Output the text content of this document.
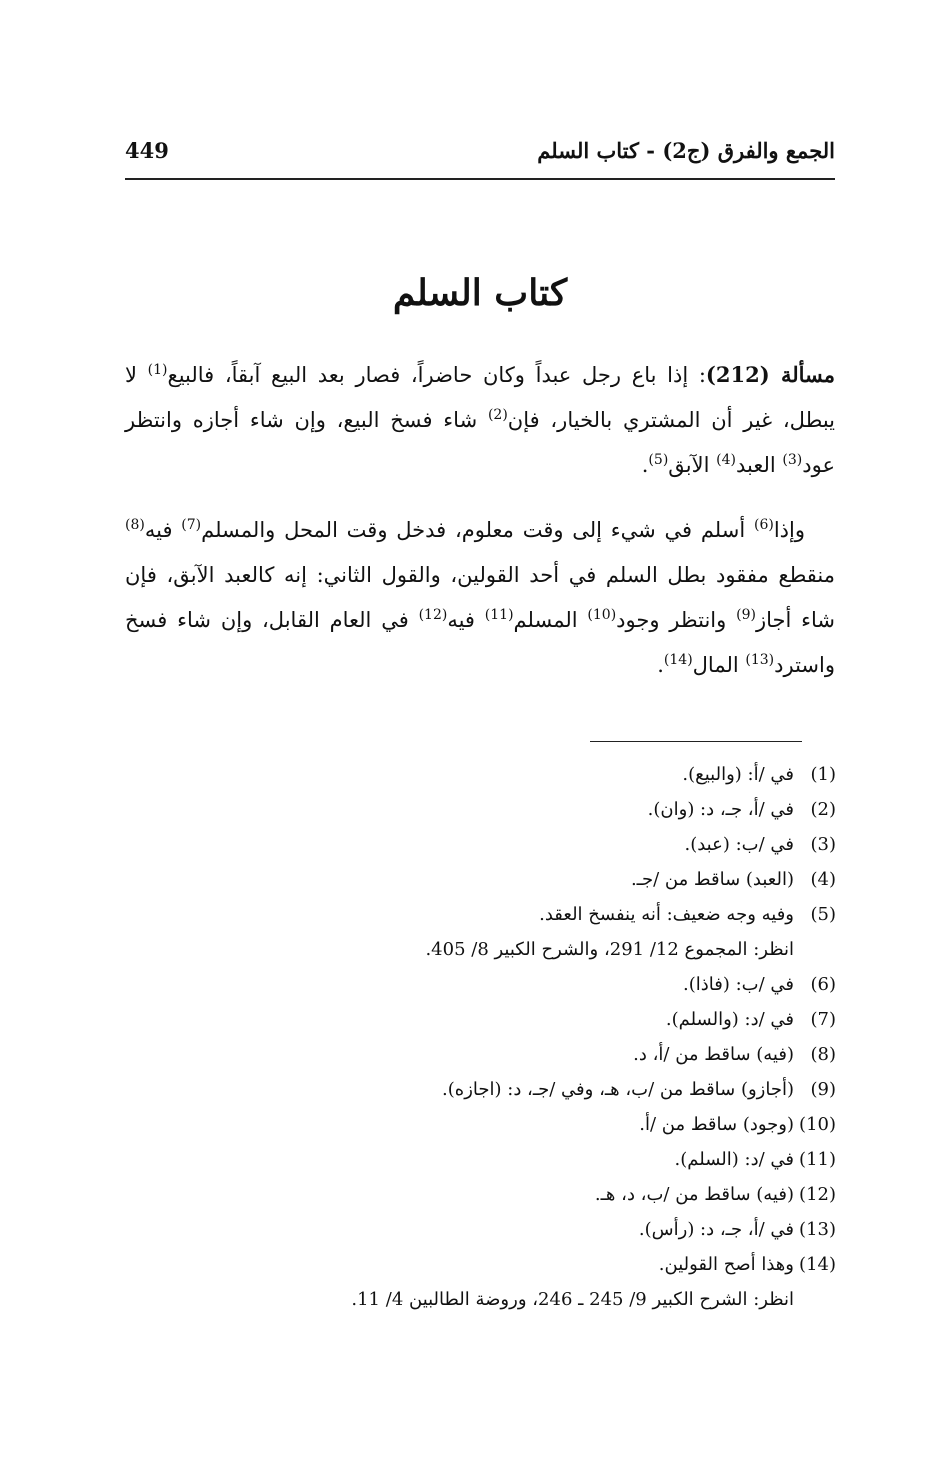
الجمع والفرق (ج2) - كتاب السلم
449
كتاب السلم
مسألة (212): إذا باع رجل عبداً وكان حاضراً، فصار بعد البيع آبقاً، فالبيع$^{(1)}$ لا يبطل، غير أن المشتري بالخيار، فإن$^{(2)}$ شاء فسخ البيع، وإن شاء أجازه وانتظر عود$^{(3)}$ العبد$^{(4)}$ الآبق$^{(5)}$.
وإذا$^{(6)}$ أسلم في شيء إلى وقت معلوم، فدخل وقت المحل والمسلم$^{(7)}$ فيه$^{(8)}$ منقطع مفقود بطل السلم في أحد القولين، والقول الثاني: إنه كالعبد الآبق، فإن شاء أجاز$^{(9)}$ وانتظر وجود$^{(10)}$ المسلم$^{(11)}$ فيه$^{(12)}$ في العام القابل، وإن شاء فسخ واسترد$^{(13)}$ المال$^{(14)}$.
(1)
في /أ: (والبيع).
(2)
في /أ، جـ، د: (وان).
(3)
في /ب: (عبد).
(4)
(العبد) ساقط من /جـ.
(5)
وفيه وجه ضعيف: أنه ينفسخ العقد.
انظر: المجموع 12/ 291، والشرح الكبير 8/ 405.
(6)
في /ب: (فاذا).
(7)
في /د: (والسلم).
(8)
(فيه) ساقط من /أ، د.
(9)
(أجازو) ساقط من /ب، هـ، وفي /جـ، د: (اجازه).
(10)
(وجود) ساقط من /أ.
(11)
في /د: (السلم).
(12)
(فيه) ساقط من /ب، د، هـ.
(13)
في /أ، جـ، د: (رأس).
(14)
وهذا أصح القولين.
انظر: الشرح الكبير 9/ 245 ـ 246، وروضة الطالبين 4/ 11.
